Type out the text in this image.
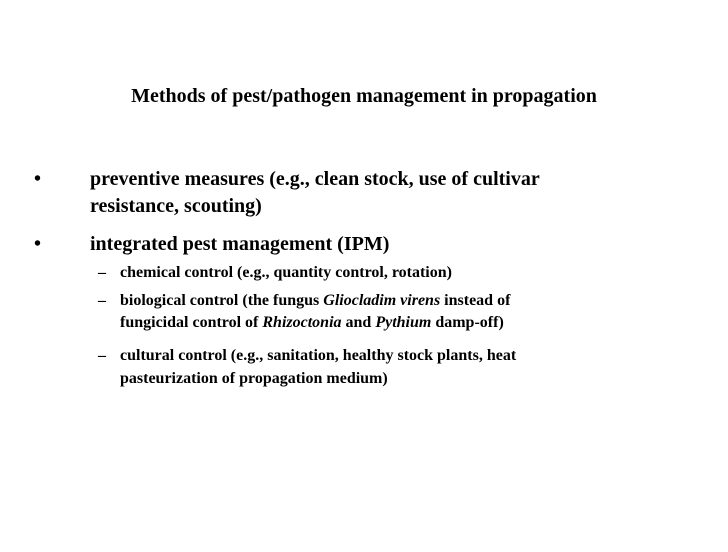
Methods of pest/pathogen management in propagation
• preventive measures (e.g., clean stock, use of cultivar
resistance, scouting)
• integrated pest management (IPM)
– chemical control (e.g., quantity control, rotation)
– biological control (the fungus Gliocladim virens instead of
fungicidal control of Rhizoctonia and Pythium damp-off)
– cultural control (e.g., sanitation, healthy stock plants, heat
pasteurization of propagation medium)
